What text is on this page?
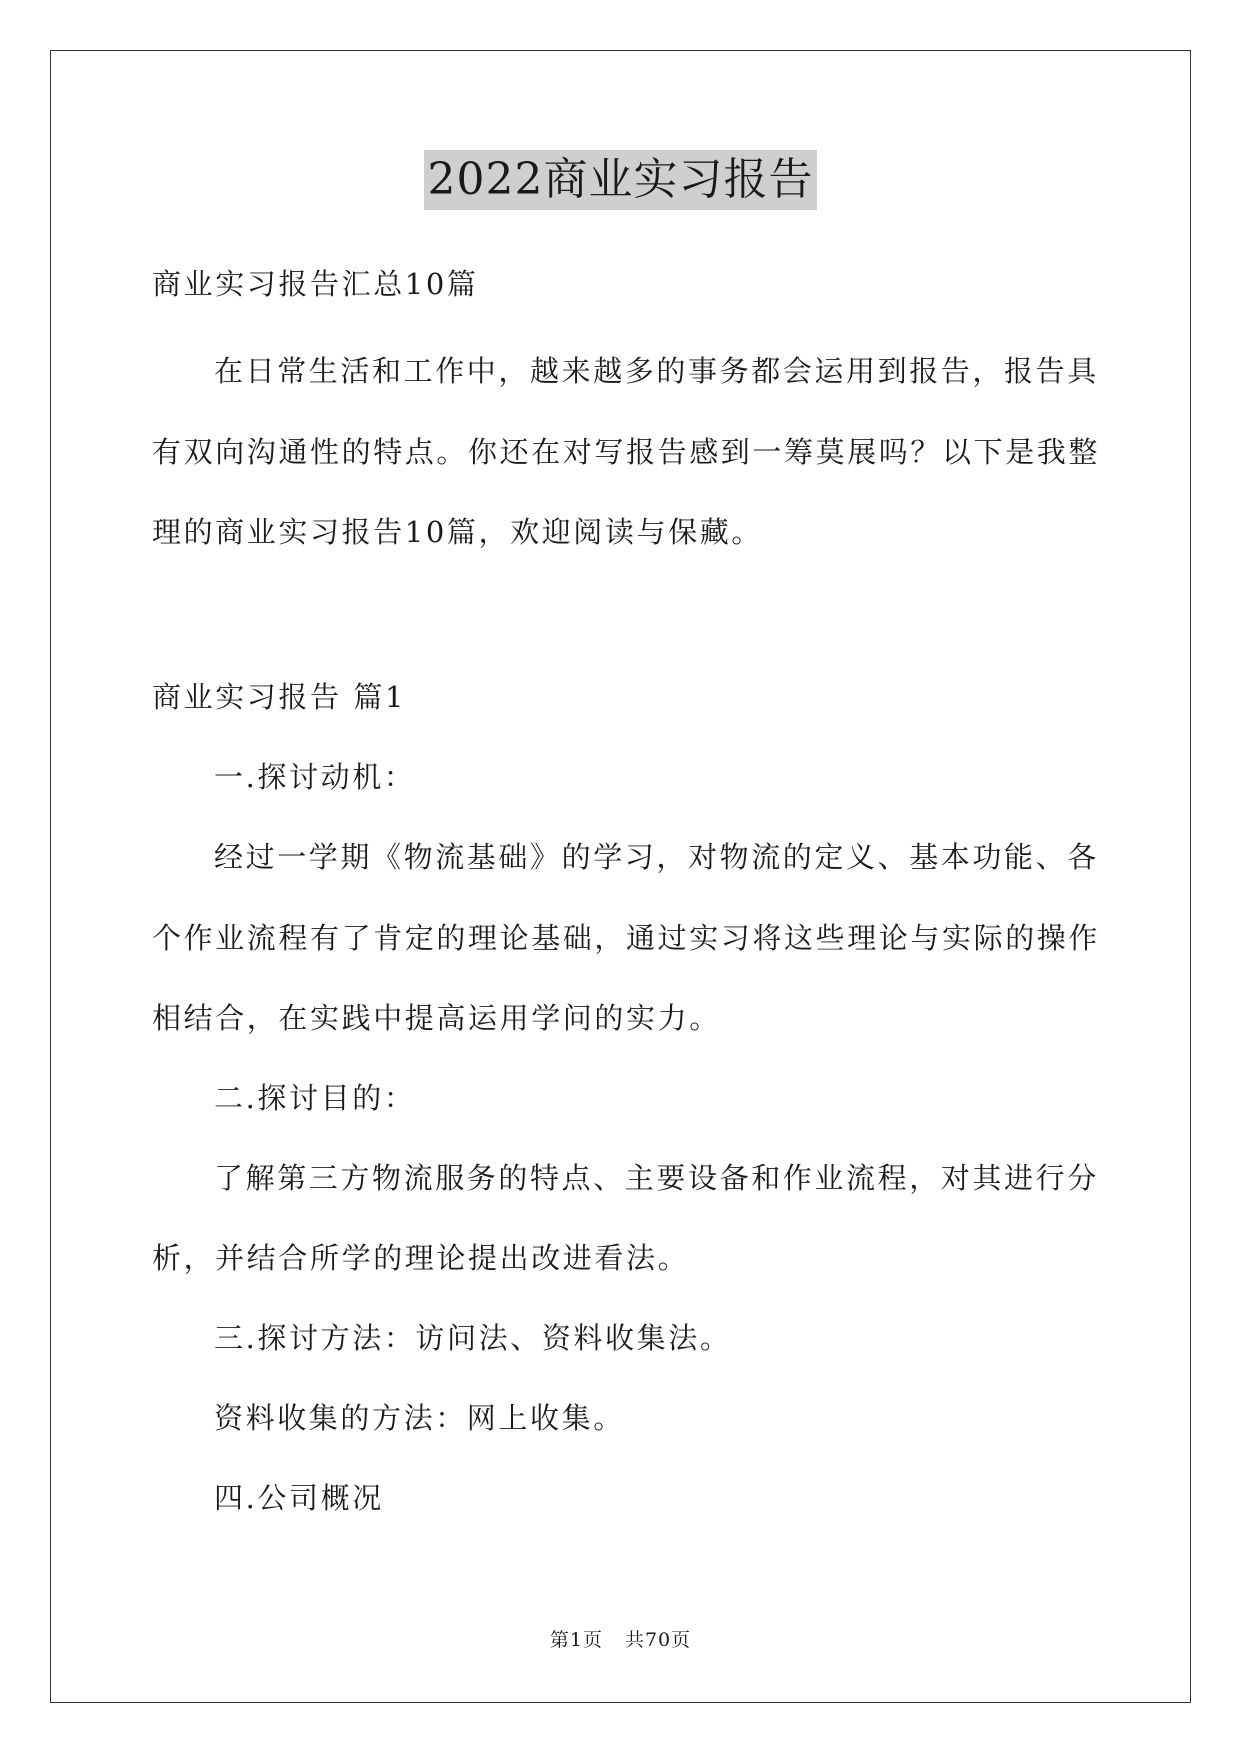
2022商业实习报告
商业实习报告汇总10篇
在日常生活和工作中，越来越多的事务都会运用到报告，报告具
有双向沟通性的特点。你还在对写报告感到一筹莫展吗？以下是我整
理的商业实习报告10篇，欢迎阅读与保藏。
商业实习报告 篇1
一.探讨动机：
经过一学期《物流基础》的学习，对物流的定义、基本功能、各
个作业流程有了肯定的理论基础，通过实习将这些理论与实际的操作
相结合，在实践中提高运用学问的实力。
二.探讨目的：
了解第三方物流服务的特点、主要设备和作业流程，对其进行分
析，并结合所学的理论提出改进看法。
三.探讨方法：访问法、资料收集法。
资料收集的方法：网上收集。
四.公司概况
第1页 共70页
